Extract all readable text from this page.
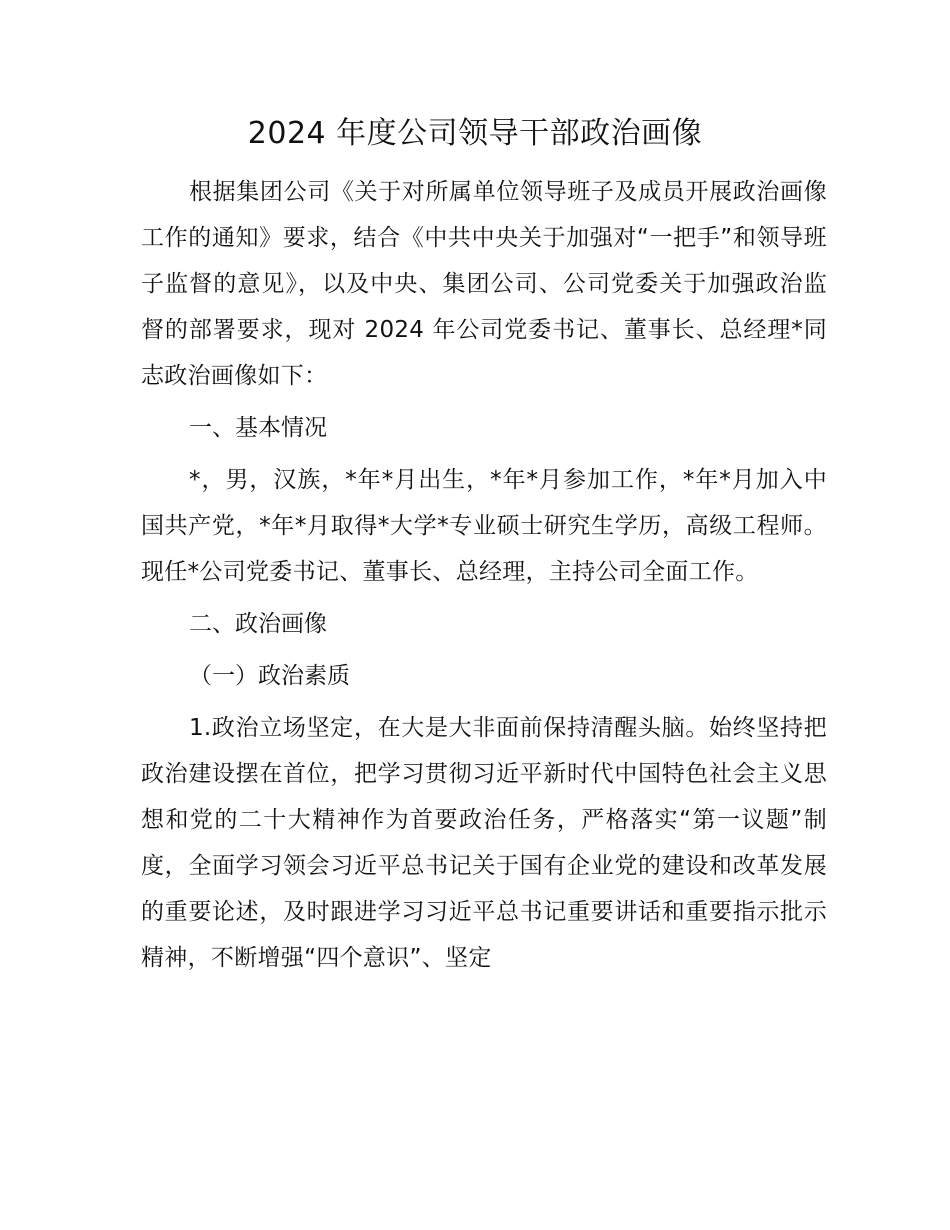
2024 年度公司领导干部政治画像

根据集团公司《关于对所属单位领导班子及成员开展政治画像工作的通知》要求，结合《中共中央关于加强对“一把手”和领导班子监督的意见》，以及中央、集团公司、公司党委关于加强政治监督的部署要求，现对 2024 年公司党委书记、董事长、总经理*同志政治画像如下：

一、基本情况

*，男，汉族，*年*月出生，*年*月参加工作，*年*月加入中国共产党，*年*月取得*大学*专业硕士研究生学历，高级工程师。现任*公司党委书记、董事长、总经理，主持公司全面工作。

二、政治画像

（一）政治素质

1.政治立场坚定，在大是大非面前保持清醒头脑。始终坚持把政治建设摆在首位，把学习贯彻习近平新时代中国特色社会主义思想和党的二十大精神作为首要政治任务，严格落实“第一议题”制度，全面学习领会习近平总书记关于国有企业党的建设和改革发展的重要论述，及时跟进学习习近平总书记重要讲话和重要指示批示精神，不断增强“四个意识”、坚定
